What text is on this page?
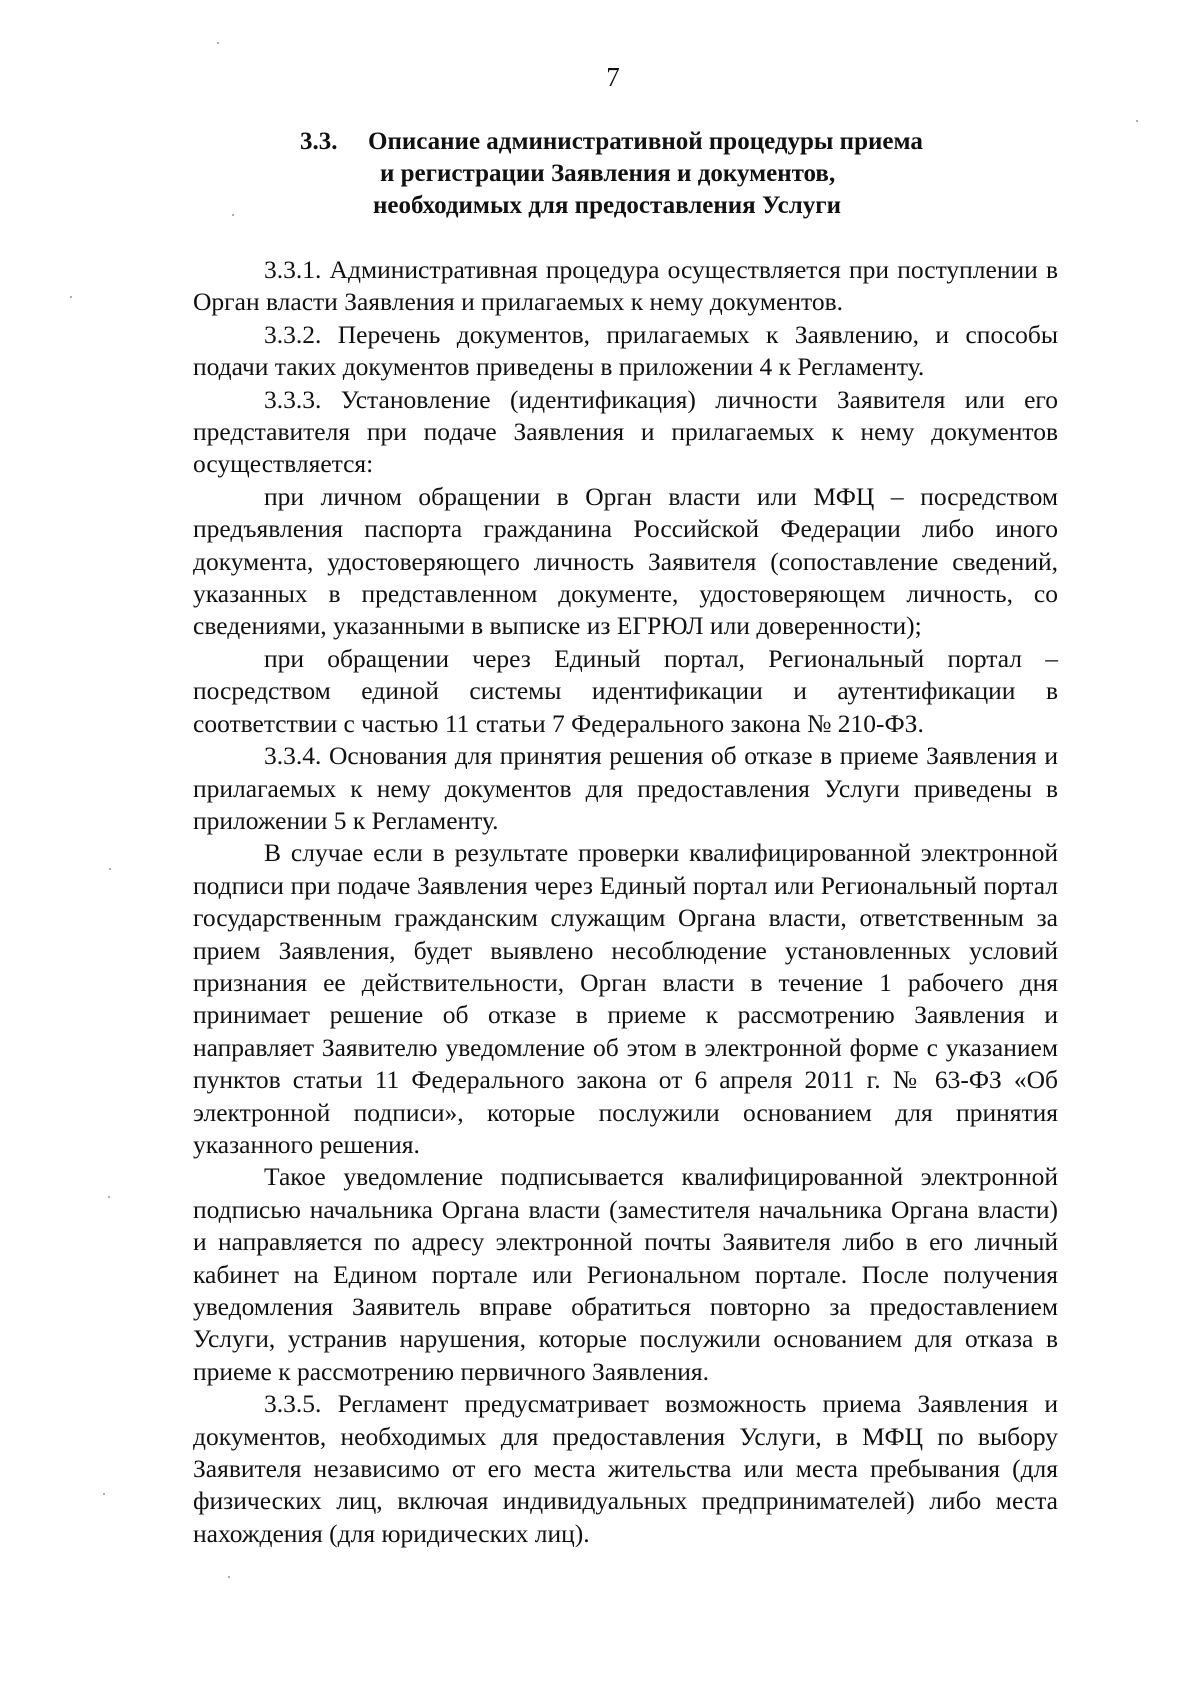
7
3.3.	Описание административной процедуры приема
и регистрации Заявления и документов,
необходимых для предоставления Услуги

3.3.1. Административная процедура осуществляется при поступлении в Орган власти Заявления и прилагаемых к нему документов.

3.3.2. Перечень документов, прилагаемых к Заявлению, и способы подачи таких документов приведены в приложении 4 к Регламенту.

3.3.3. Установление (идентификация) личности Заявителя или его представителя при подаче Заявления и прилагаемых к нему документов осуществляется:

при личном обращении в Орган власти или МФЦ – посредством предъявления паспорта гражданина Российской Федерации либо иного документа, удостоверяющего личность Заявителя (сопоставление сведений, указанных в представленном документе, удостоверяющем личность, со сведениями, указанными в выписке из ЕГРЮЛ или доверенности);

при обращении через Единый портал, Региональный портал – посредством единой системы идентификации и аутентификации в соответствии с частью 11 статьи 7 Федерального закона № 210-ФЗ.

3.3.4. Основания для принятия решения об отказе в приеме Заявления и прилагаемых к нему документов для предоставления Услуги приведены в приложении 5 к Регламенту.

В случае если в результате проверки квалифицированной электронной подписи при подаче Заявления через Единый портал или Региональный портал государственным гражданским служащим Органа власти, ответственным за прием Заявления, будет выявлено несоблюдение установленных условий признания ее действительности, Орган власти в течение 1 рабочего дня принимает решение об отказе в приеме к рассмотрению Заявления и направляет Заявителю уведомление об этом в электронной форме с указанием пунктов статьи 11 Федерального закона от 6 апреля 2011 г. № 63-ФЗ «Об электронной подписи», которые послужили основанием для принятия указанного решения.

Такое уведомление подписывается квалифицированной электронной подписью начальника Органа власти (заместителя начальника Органа власти) и направляется по адресу электронной почты Заявителя либо в его личный кабинет на Едином портале или Региональном портале. После получения уведомления Заявитель вправе обратиться повторно за предоставлением Услуги, устранив нарушения, которые послужили основанием для отказа в приеме к рассмотрению первичного Заявления.

3.3.5. Регламент предусматривает возможность приема Заявления и документов, необходимых для предоставления Услуги, в МФЦ по выбору Заявителя независимо от его места жительства или места пребывания (для физических лиц, включая индивидуальных предпринимателей) либо места нахождения (для юридических лиц).
